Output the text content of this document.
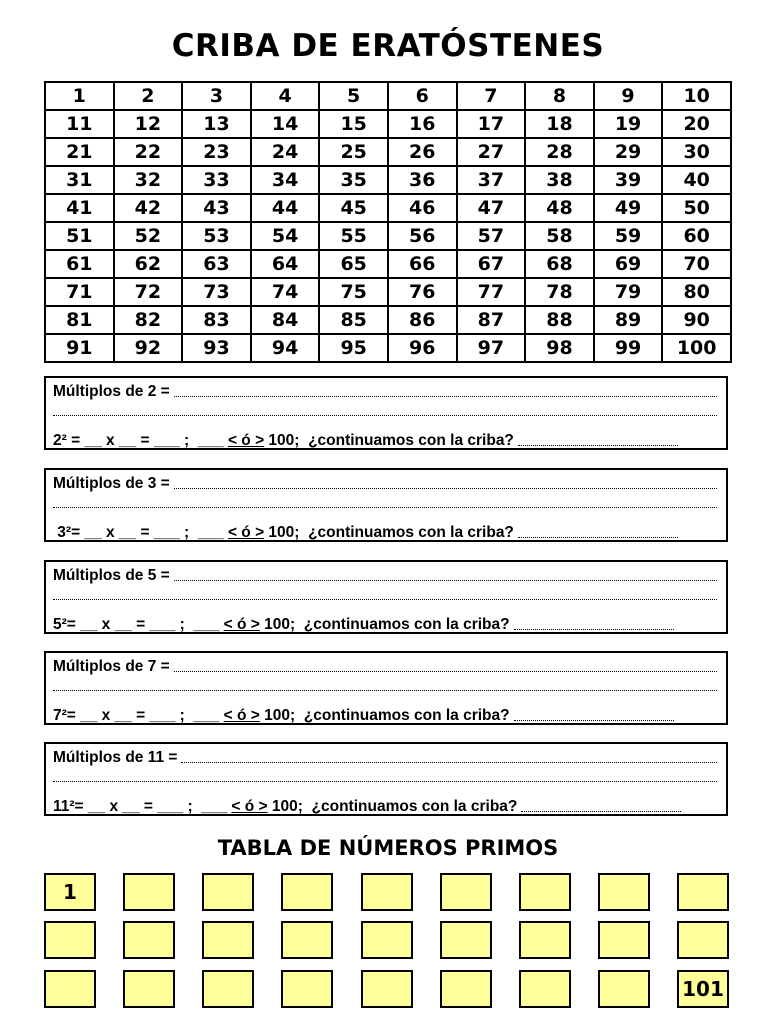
CRIBA DE ERATÓSTENES
1	2	3	4	5	6	7	8	9	10
11	12	13	14	15	16	17	18	19	20
21	22	23	24	25	26	27	28	29	30
31	32	33	34	35	36	37	38	39	40
41	42	43	44	45	46	47	48	49	50
51	52	53	54	55	56	57	58	59	60
61	62	63	64	65	66	67	68	69	70
71	72	73	74	75	76	77	78	79	80
81	82	83	84	85	86	87	88	89	90
91	92	93	94	95	96	97	98	99	100
Múltiplos de 2 =
2² = __ x __ = ___ ;  ___ < ó > 100;  ¿continuamos con la criba?
Múltiplos de 3 =
3²= __ x __ = ___ ;  ___ < ó > 100;  ¿continuamos con la criba?
Múltiplos de 5 =
5²= __ x __ = ___ ;  ___ < ó > 100;  ¿continuamos con la criba?
Múltiplos de 7 =
7²= __ x __ = ___ ;  ___ < ó > 100;  ¿continuamos con la criba?
Múltiplos de 11 =
11²= __ x __ = ___ ;  ___ < ó > 100;  ¿continuamos con la criba?
TABLA DE NÚMEROS PRIMOS
1
101
